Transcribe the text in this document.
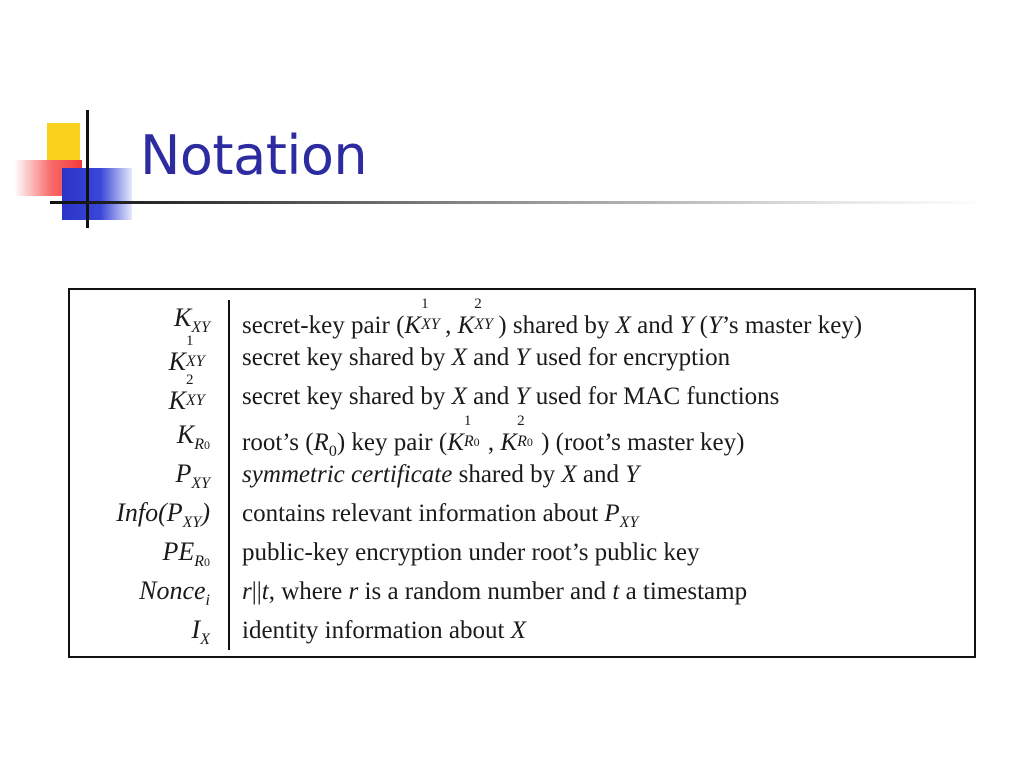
Notation
$K_{XY}$ secret-key pair (K
1
XY , K
2
XY ) shared by X and Y (Y’s master key)
K
1
XY secret key shared by X and Y used for encryption
K
2
XY secret key shared by X and Y used for MAC functions
$K_{R0}$ root’s $(R_0)$ key pair (K
1
R0 , K
2
R0 ) (root’s master key)
$P_{XY}$ symmetric certificate shared by X and Y
$Info(P_{XY})$ contains relevant information about $P_{XY}$
$PE_{R0}$ public-key encryption under root’s public key
Nonce$_i$ r||t, where r is a random number and t a timestamp
$I_X$ identity information about X
